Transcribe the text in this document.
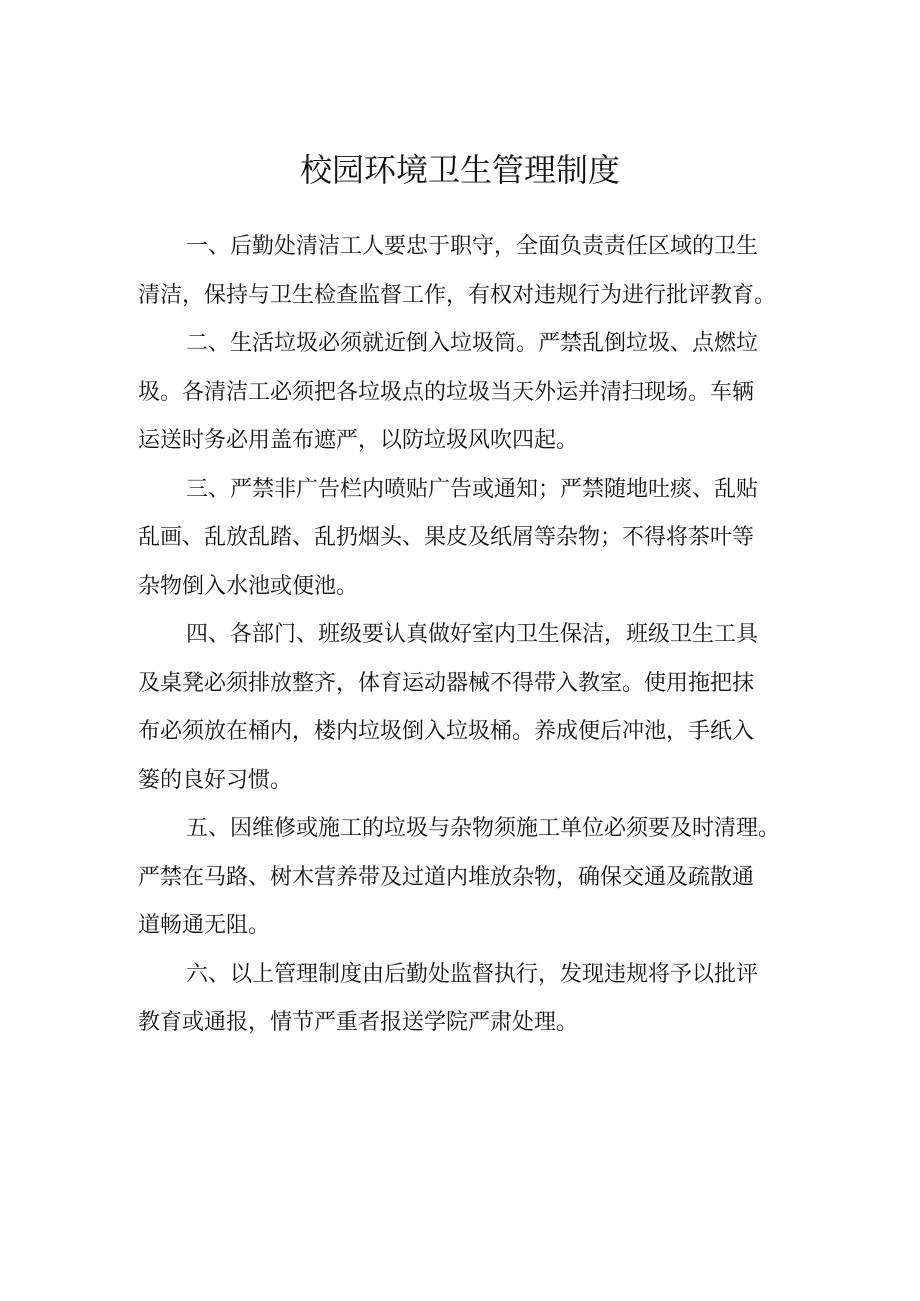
校园环境卫生管理制度
一、后勤处清洁工人要忠于职守，全面负责责任区域的卫生
清洁，保持与卫生检查监督工作，有权对违规行为进行批评教育。
二、生活垃圾必须就近倒入垃圾筒。严禁乱倒垃圾、点燃垃
圾。各清洁工必须把各垃圾点的垃圾当天外运并清扫现场。车辆
运送时务必用盖布遮严，以防垃圾风吹四起。
三、严禁非广告栏内喷贴广告或通知；严禁随地吐痰、乱贴
乱画、乱放乱踏、乱扔烟头、果皮及纸屑等杂物；不得将茶叶等
杂物倒入水池或便池。
四、各部门、班级要认真做好室内卫生保洁，班级卫生工具
及桌凳必须排放整齐，体育运动器械不得带入教室。使用拖把抹
布必须放在桶内，楼内垃圾倒入垃圾桶。养成便后冲池，手纸入
篓的良好习惯。
五、因维修或施工的垃圾与杂物须施工单位必须要及时清理。
严禁在马路、树木营养带及过道内堆放杂物，确保交通及疏散通
道畅通无阻。
六、以上管理制度由后勤处监督执行，发现违规将予以批评
教育或通报，情节严重者报送学院严肃处理。
